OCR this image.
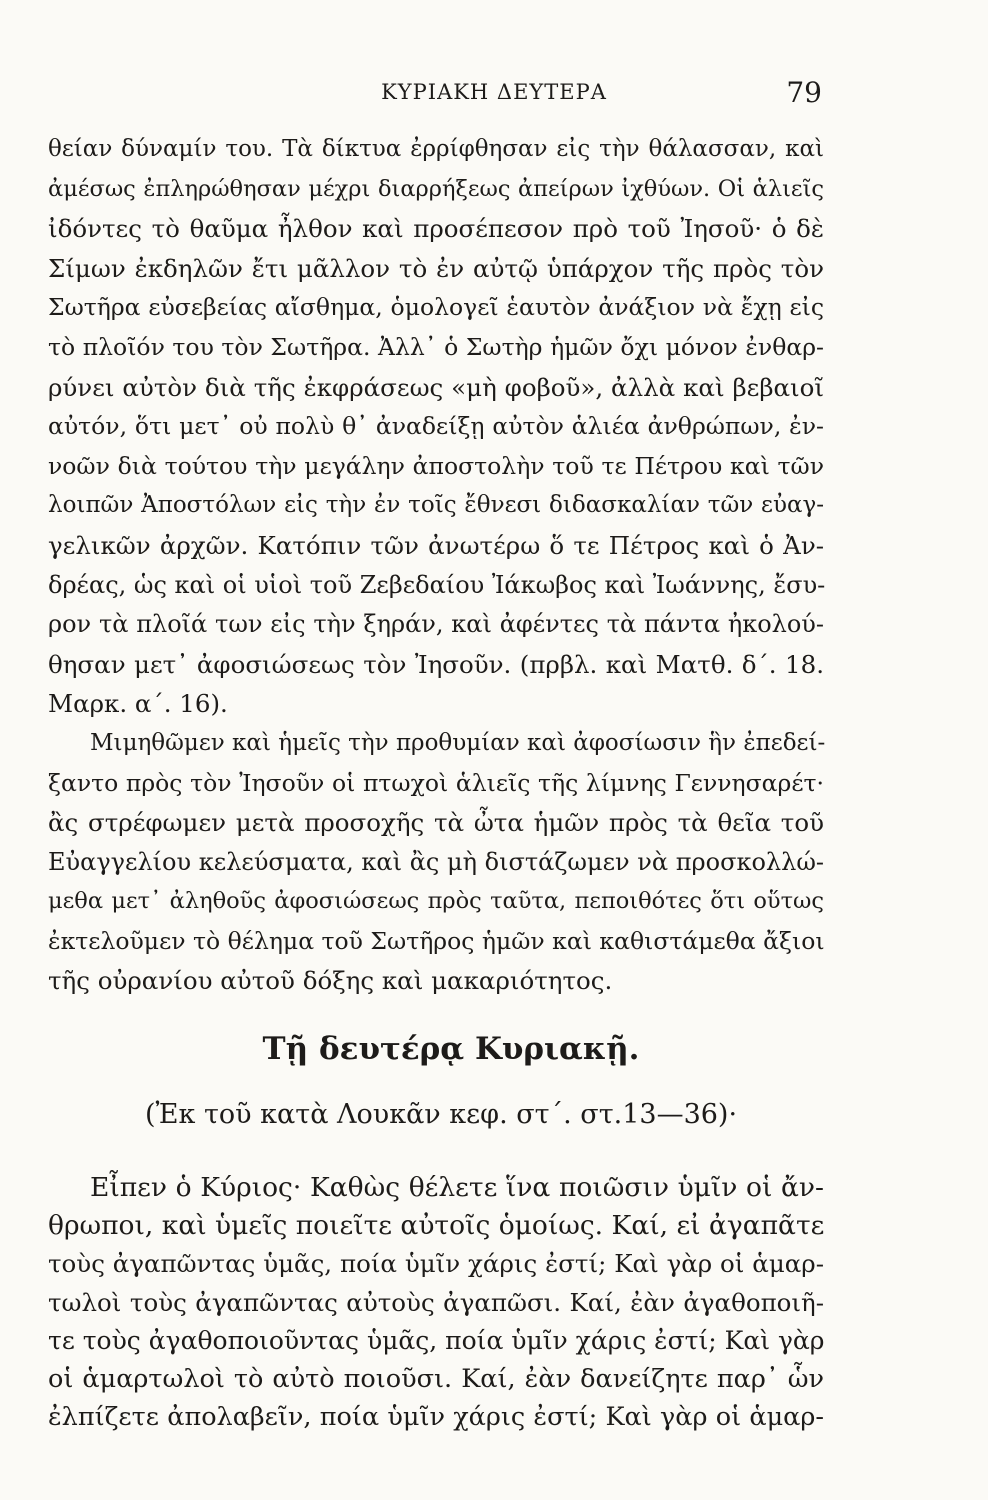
ΚΥΡΙΑΚΗ ΔΕΥΤΕΡΑ	79
θείαν δύναμίν του. Τὰ δίκτυα ἐρρίφθησαν εἰς τὴν θάλασσαν, καὶ
ἀμέσως ἐπληρώθησαν μέχρι διαρρήξεως ἀπείρων ἰχθύων. Οἱ ἁλιεῖς
ἰδόντες τὸ θαῦμα ἦλθον καὶ προσέπεσον πρὸ τοῦ Ἰησοῦ· ὁ δὲ
Σίμων ἐκδηλῶν ἔτι μᾶλλον τὸ ἐν αὐτῷ ὑπάρχον τῆς πρὸς τὸν
Σωτῆρα εὐσεβείας αἴσθημα, ὁμολογεῖ ἑαυτὸν ἀνάξιον νὰ ἔχῃ εἰς
τὸ πλοῖόν του τὸν Σωτῆρα. Ἀλλ᾿ ὁ Σωτὴρ ἡμῶν ὄχι μόνον ἐνθαρ-
ρύνει αὐτὸν διὰ τῆς ἐκφράσεως «μὴ φοβοῦ», ἀλλὰ καὶ βεβαιοῖ
αὐτόν, ὅτι μετ᾿ οὐ πολὺ θ᾿ ἀναδείξῃ αὐτὸν ἁλιέα ἀνθρώπων, ἐν-
νοῶν διὰ τούτου τὴν μεγάλην ἀποστολὴν τοῦ τε Πέτρου καὶ τῶν
λοιπῶν Ἀποστόλων εἰς τὴν ἐν τοῖς ἔθνεσι διδασκαλίαν τῶν εὐαγ-
γελικῶν ἀρχῶν. Κατόπιν τῶν ἀνωτέρω ὅ τε Πέτρος καὶ ὁ Ἀν-
δρέας, ὡς καὶ οἱ υἱοὶ τοῦ Ζεβεδαίου Ἰάκωβος καὶ Ἰωάννης, ἔσυ-
ρον τὰ πλοῖά των εἰς τὴν ξηράν, καὶ ἀφέντες τὰ πάντα ἠκολού-
θησαν μετ᾿ ἀφοσιώσεως τὸν Ἰησοῦν. (πρβλ. καὶ Ματθ. δ΄. 18.
Μαρκ. α΄. 16).
Μιμηθῶμεν καὶ ἡμεῖς τὴν προθυμίαν καὶ ἀφοσίωσιν ἣν ἐπεδεί-
ξαντο πρὸς τὸν Ἰησοῦν οἱ πτωχοὶ ἁλιεῖς τῆς λίμνης Γεννησαρέτ·
ἂς στρέφωμεν μετὰ προσοχῆς τὰ ὦτα ἡμῶν πρὸς τὰ θεῖα τοῦ
Εὐαγγελίου κελεύσματα, καὶ ἂς μὴ διστάζωμεν νὰ προσκολλώ-
μεθα μετ᾿ ἀληθοῦς ἀφοσιώσεως πρὸς ταῦτα, πεποιθότες ὅτι οὕτως
ἐκτελοῦμεν τὸ θέλημα τοῦ Σωτῆρος ἡμῶν καὶ καθιστάμεθα ἄξιοι
τῆς οὐρανίου αὐτοῦ δόξης καὶ μακαριότητος.
Τῇ δευτέρᾳ Κυριακῇ.
(Ἐκ τοῦ κατὰ Λουκᾶν κεφ. στ΄. στ.13—36)·
Εἶπεν ὁ Κύριος· Καθὼς θέλετε ἵνα ποιῶσιν ὑμῖν οἱ ἄν-
θρωποι, καὶ ὑμεῖς ποιεῖτε αὐτοῖς ὁμοίως. Καί, εἰ ἀγαπᾶτε
τοὺς ἀγαπῶντας ὑμᾶς, ποία ὑμῖν χάρις ἐστί; Καὶ γὰρ οἱ ἁμαρ-
τωλοὶ τοὺς ἀγαπῶντας αὐτοὺς ἀγαπῶσι. Καί, ἐὰν ἀγαθοποιῆ-
τε τοὺς ἀγαθοποιοῦντας ὑμᾶς, ποία ὑμῖν χάρις ἐστί; Καὶ γὰρ
οἱ ἁμαρτωλοὶ τὸ αὐτὸ ποιοῦσι. Καί, ἐὰν δανείζητε παρ᾿ ὧν
ἐλπίζετε ἀπολαβεῖν, ποία ὑμῖν χάρις ἐστί; Καὶ γὰρ οἱ ἁμαρ-
